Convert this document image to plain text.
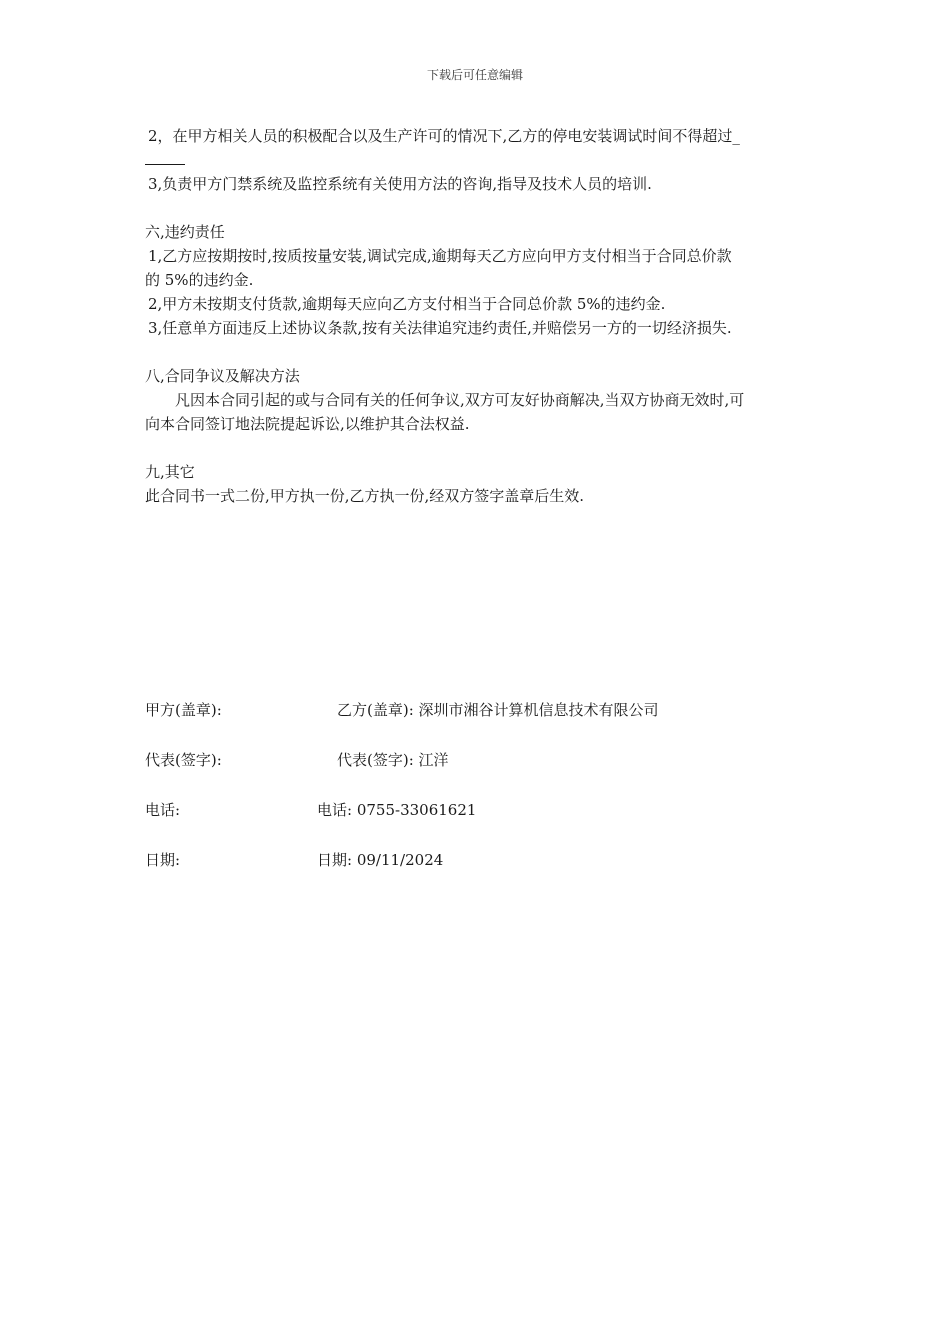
下载后可任意编辑

2，在甲方相关人员的积极配合以及生产许可的情况下,乙方的停电安装调试时间不得超过_

3,负责甲方门禁系统及监控系统有关使用方法的咨询,指导及技术人员的培训.

六,违约责任

1,乙方应按期按时,按质按量安装,调试完成,逾期每天乙方应向甲方支付相当于合同总价款

的 5%的违约金.

2,甲方未按期支付货款,逾期每天应向乙方支付相当于合同总价款 5%的违约金.

3,任意单方面违反上述协议条款,按有关法律追究违约责任,并赔偿另一方的一切经济损失.

八,合同争议及解决方法

凡因本合同引起的或与合同有关的任何争议,双方可友好协商解决,当双方协商无效时,可

向本合同签订地法院提起诉讼,以维护其合法权益.

九,其它

此合同书一式二份,甲方执一份,乙方执一份,经双方签字盖章后生效.

甲方(盖章):	乙方(盖章): 深圳市湘谷计算机信息技术有限公司
代表(签字):	代表(签字): 江洋
电话:	电话: 0755-33061621
日期:	日期: 09/11/2024
